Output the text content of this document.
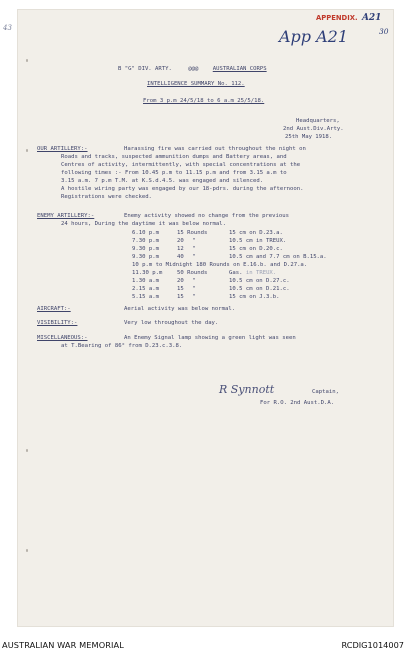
APPENDIX. A21
30
App A21
43
B "G" DIV. ARTY.	@@@	AUSTRALIAN CORPS
INTELLIGENCE SUMMARY No. 112.
From 3 p.m 24/5/18 to 6 a.m 25/5/18.
Headquarters,
2nd Aust.Div.Arty.
25th May 1918.
OUR ARTILLERY:-	Harassing fire was carried out throughout the night on
Roads and tracks, suspected ammunition dumps and Battery areas, and
Centres of activity, intermittently, with special concentrations at the
following times :- From 10.45 p.m to 11.15 p.m and from 3.15 a.m to
3.15 a.m. 7 p.m T.M. at K.S.d.4.5. was engaged and silenced.
A hostile wiring party was engaged by our 18-pdrs. during the afternoon.
Registrations were checked.
ENEMY ARTILLERY:-	Enemy activity showed no change from the previous
24 hours, During the daytime it was below normal.
6.10 p.m	15 Rounds	15 cm on D.23.a.
7.30 p.m	20 "	10.5 cm in TREUX.
9.30 p.m	12 "	15 cm on D.20.c.
9.30 p.m	40 "	10.5 cm and 7.7 cm on B.15.a.
10 p.m to Midnight 180 Rounds on E.16.b. and D.27.a.
11.30 p.m	50 Rounds	Gas. in TREUX.
1.30 a.m	20 "	10.5 cm on D.27.c.
2.15 a.m	15 "	10.5 cm on D.21.c.
5.15 a.m	15 "	15 cm on J.3.b.
AIRCRAFT:-	Aerial activity was below normal.
VISIBILITY:-	Very low throughout the day.
MISCELLANEOUS:-	An Enemy Signal lamp showing a green light was seen
at T.Bearing of 86° from D.23.c.3.8.
R Synnott	Captain,
For R.O. 2nd Aust.D.A.
AUSTRALIAN WAR MEMORIAL	RCDIG1014007
